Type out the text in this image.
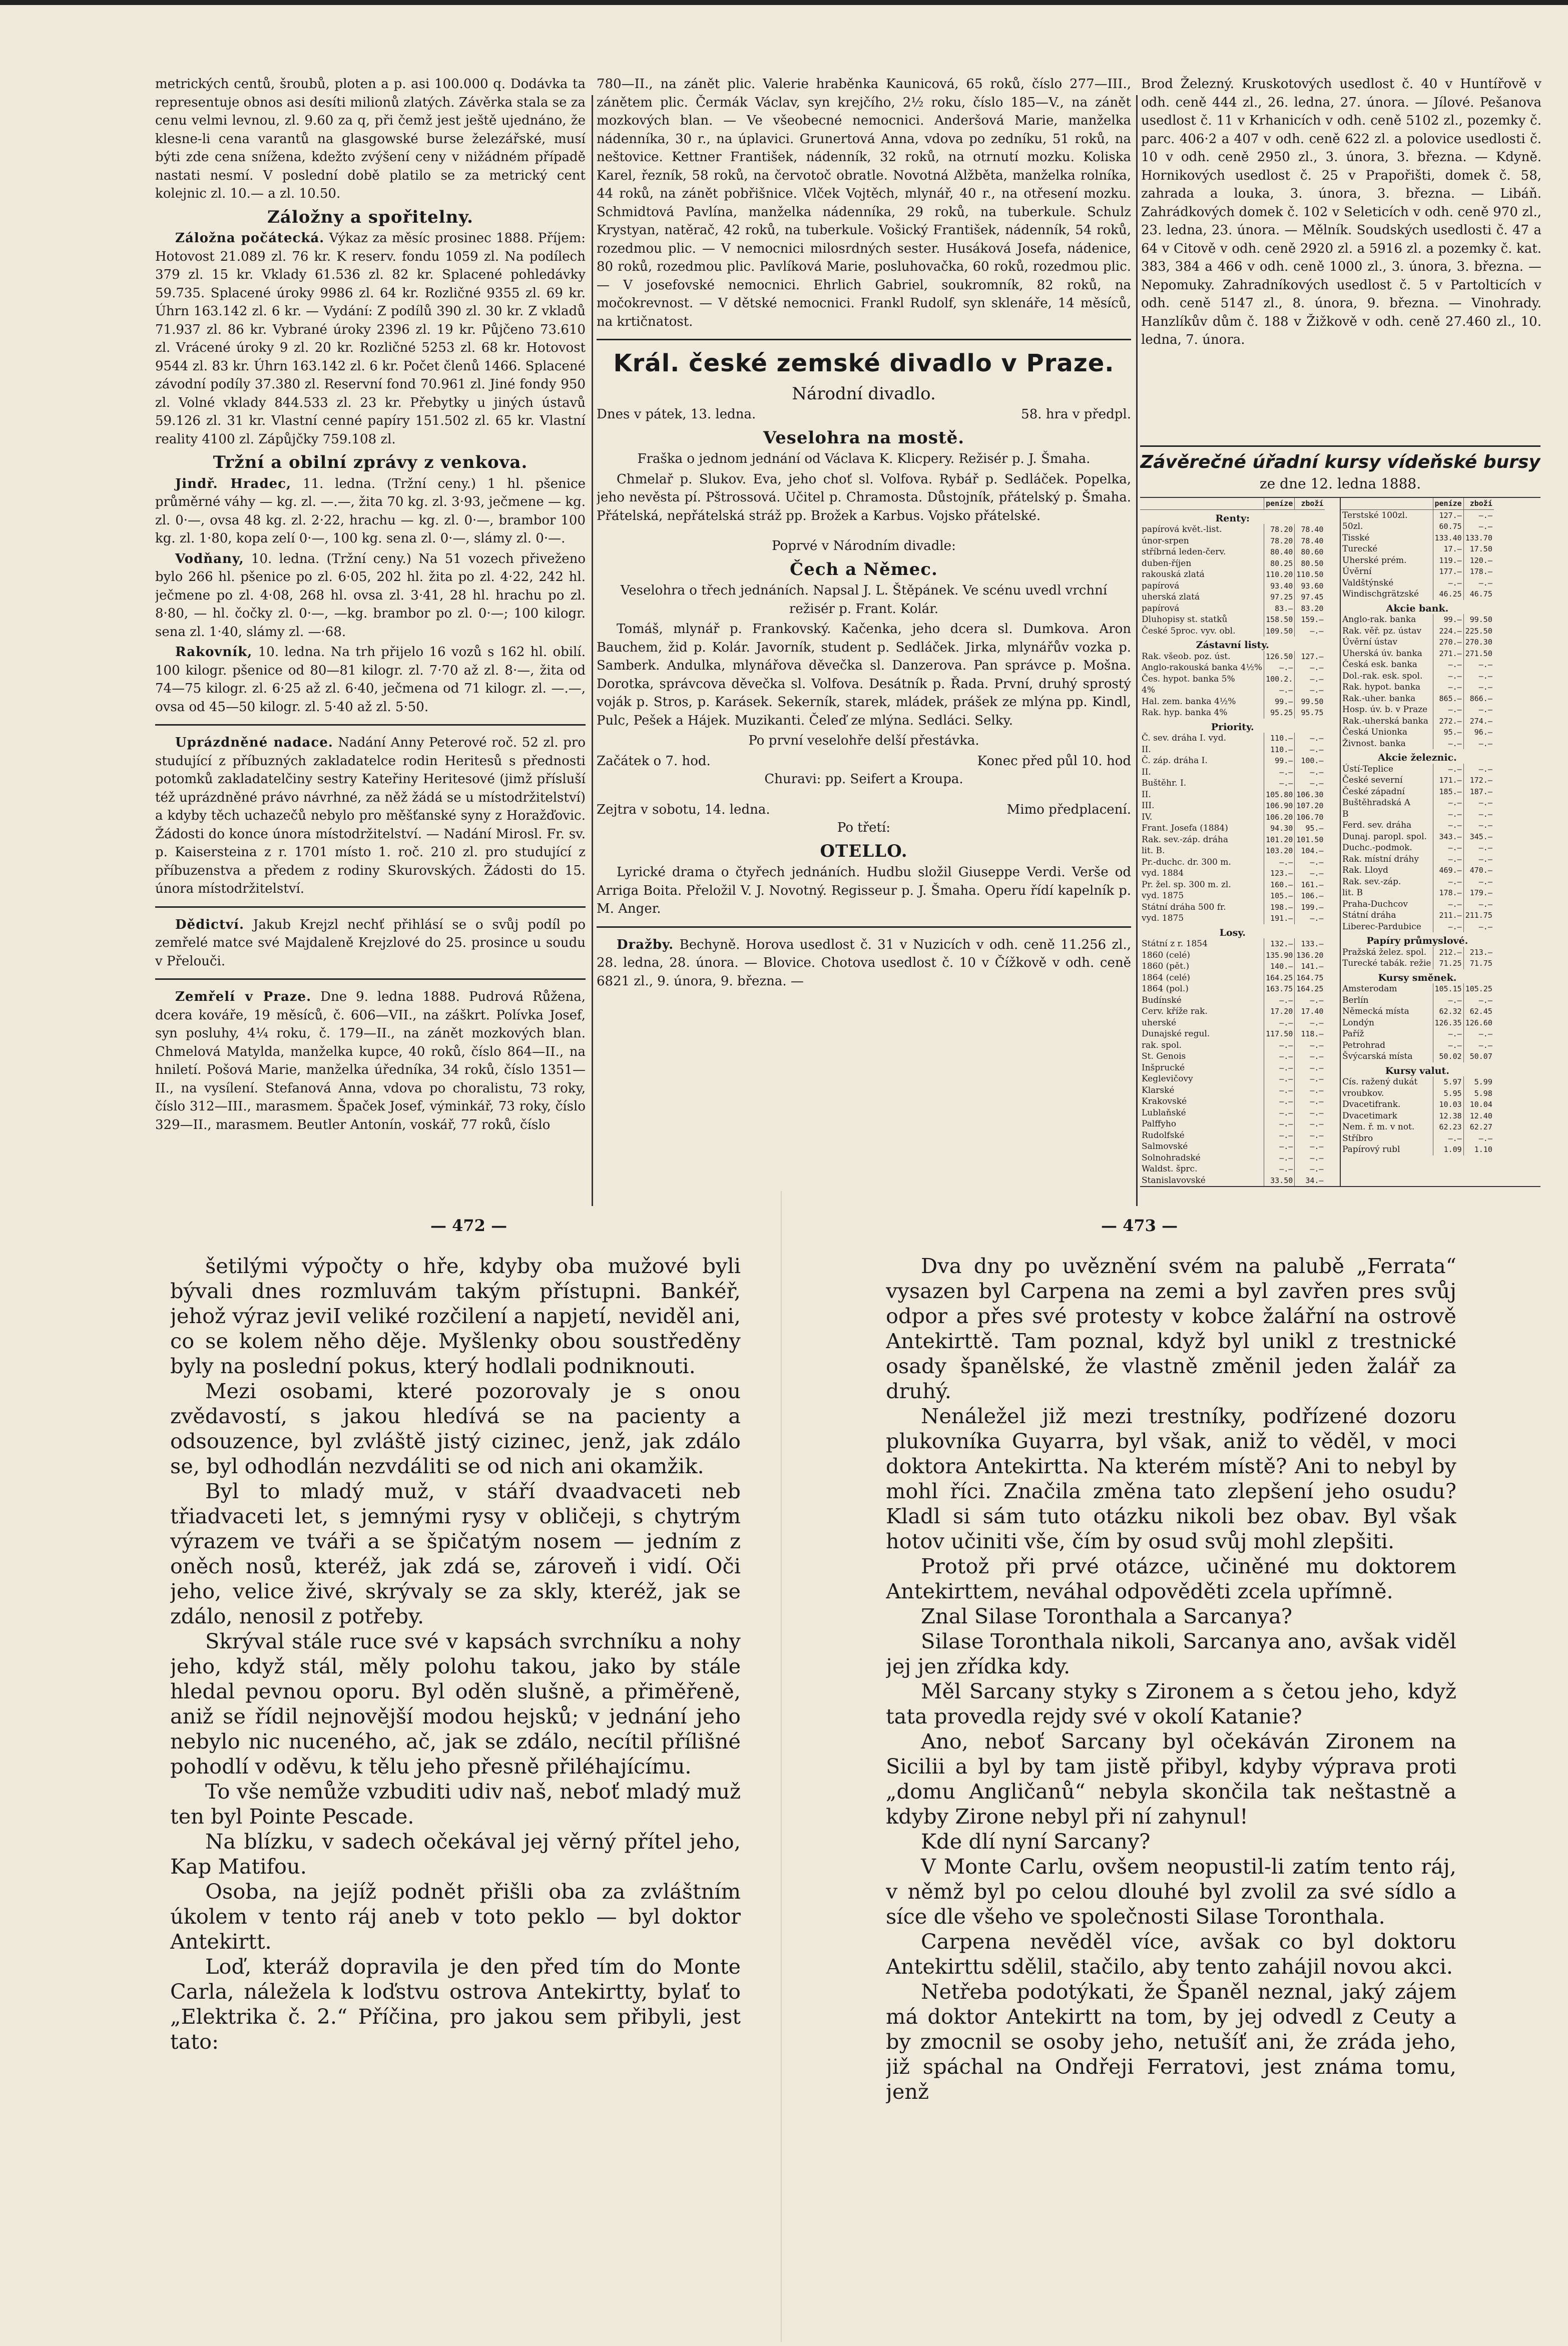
metrických centů, šroubů, ploten a p. asi 100.000 q. Dodávka ta representuje obnos asi desíti milionů zlatých. Závěrka stala se za cenu velmi levnou, zl. 9.60 za q, při čemž jest ještě ujednáno, že klesne-li cena varantů na glasgowské burse železářské, musí býti zde cena snížena, kdežto zvýšení ceny v nižádném případě nastati nesmí. V poslední době platilo se za metrický cent kolejnic zl. 10.— a zl. 10.50.

Záložny a spořitelny.

Záložna počátecká. Výkaz za měsíc prosinec 1888. Příjem: Hotovost 21.089 zl. 76 kr. K reserv. fondu 1059 zl. Na podílech 379 zl. 15 kr. Vklady 61.536 zl. 82 kr. Splacené pohledávky 59.735. Splacené úroky 9986 zl. 64 kr. Rozličné 9355 zl. 69 kr. Úhrn 163.142 zl. 6 kr. — Vydání: Z podílů 390 zl. 30 kr. Z vkladů 71.937 zl. 86 kr. Vybrané úroky 2396 zl. 19 kr. Půjčeno 73.610 zl. Vrácené úroky 9 zl. 20 kr. Rozličné 5253 zl. 68 kr. Hotovost 9544 zl. 83 kr. Úhrn 163.142 zl. 6 kr. Počet členů 1466. Splacené závodní podíly 37.380 zl. Reservní fond 70.961 zl. Jiné fondy 950 zl. Volné vklady 844.533 zl. 23 kr. Přebytky u jiných ústavů 59.126 zl. 31 kr. Vlastní cenné papíry 151.502 zl. 65 kr. Vlastní reality 4100 zl. Zápůjčky 759.108 zl.

Tržní a obilní zprávy z venkova.

Jindř. Hradec, 11. ledna. (Tržní ceny.) 1 hl. pšenice průměrné váhy — kg. zl. —.—, žita 70 kg. zl. 3·93, ječmene — kg. zl. 0·—, ovsa 48 kg. zl. 2·22, hrachu — kg. zl. 0·—, brambor 100 kg. zl. 1·80, kopa zelí 0·—, 100 kg. sena zl. 0·—, slámy zl. 0·—.

Vodňany, 10. ledna. (Tržní ceny.) Na 51 vozech přiveženo bylo 266 hl. pšenice po zl. 6·05, 202 hl. žita po zl. 4·22, 242 hl. ječmene po zl. 4·08, 268 hl. ovsa zl. 3·41, 28 hl. hrachu po zl. 8·80, — hl. čočky zl. 0·—, —kg. brambor po zl. 0·—; 100 kilogr. sena zl. 1·40, slámy zl. —·68.

Rakovník, 10. ledna. Na trh přijelo 16 vozů s 162 hl. obilí. 100 kilogr. pšenice od 80—81 kilogr. zl. 7·70 až zl. 8·—, žita od 74—75 kilogr. zl. 6·25 až zl. 6·40, ječmena od 71 kilogr. zl. —.—, ovsa od 45—50 kilogr. zl. 5·40 až zl. 5·50.

Uprázdněné nadace. Nadání Anny Peterové roč. 52 zl. pro studující z příbuzných zakladatelce rodin Heritesů s přednosti potomků zakladatelčiny sestry Kateřiny Heritesové (jimž přísluší též uprázdněné právo návrhné, za něž žádá se u místodržitelství) a kdyby těch uchazečů nebylo pro měšťanské syny z Horažďovic. Žádosti do konce února místodržitelství. — Nadání Mirosl. Fr. sv. p. Kaisersteina z r. 1701 místo 1. roč. 210 zl. pro studující z příbuzenstva a předem z rodiny Skurovských. Žádosti do 15. února místodržitelství.

Dědictví. Jakub Krejzl nechť přihlásí se o svůj podíl po zemřelé matce své Majdaleně Krejzlové do 25. prosince u soudu v Přelouči.

Zemřelí v Praze. Dne 9. ledna 1888. Pudrová Růžena, dcera kováře, 19 měsíců, č. 606—VII., na záškrt. Polívka Josef, syn posluhy, 4¼ roku, č. 179—II., na zánět mozkových blan. Chmelová Matylda, manželka kupce, 40 roků, číslo 864—II., na hniletí. Pošová Marie, manželka úředníka, 34 roků, číslo 1351—II., na vysílení. Stefanová Anna, vdova po choralistu, 73 roky, číslo 312—III., marasmem. Špaček Josef, výminkář, 73 roky, číslo 329—II., marasmem. Beutler Antonín, voskář, 77 roků, číslo

780—II., na zánět plic. Valerie hraběnka Kaunicová, 65 roků, číslo 277—III., zánětem plic. Čermák Václav, syn krejčího, 2½ roku, číslo 185—V., na zánět mozkových blan. — Ve všeobecné nemocnici. Anderšová Marie, manželka nádenníka, 30 r., na úplavici. Grunertová Anna, vdova po zedníku, 51 roků, na neštovice. Kettner František, nádenník, 32 roků, na otrnutí mozku. Koliska Karel, řezník, 58 roků, na červotoč obratle. Novotná Alžběta, manželka rolníka, 44 roků, na zánět pobřišnice. Vlček Vojtěch, mlynář, 40 r., na otřesení mozku. Schmidtová Pavlína, manželka nádenníka, 29 roků, na tuberkule. Schulz Krystyan, natěrač, 42 roků, na tuberkule. Vošický František, nádenník, 54 roků, rozedmou plic. — V nemocnici milosrdných sester. Husáková Josefa, nádenice, 80 roků, rozedmou plic. Pavlíková Marie, posluhovačka, 60 roků, rozedmou plic. — V josefovské nemocnici. Ehrlich Gabriel, soukromník, 82 roků, na močokrevnost. — V dětské nemocnici. Frankl Rudolf, syn sklenáře, 14 měsíců, na krtičnatost.

Král. české zemské divadlo v Praze.
Národní divadlo.
Dnes v pátek, 13. ledna.	58. hra v předpl.
Veselohra na mostě.

Fraška o jednom jednání od Václava K. Klicpery. Režisér p. J. Šmaha.

Chmelař p. Slukov. Eva, jeho choť sl. Volfova. Rybář p. Sedláček. Popelka, jeho nevěsta pí. Pštrossová. Učitel p. Chramosta. Důstojník, přátelský p. Šmaha. Přátelská, nepřátelská stráž pp. Brožek a Karbus. Vojsko přátelské.

Poprvé v Národním divadle:

Čech a Němec.

Veselohra o třech jednáních. Napsal J. L. Štěpánek. Ve scénu uvedl vrchní režisér p. Frant. Kolár.

Tomáš, mlynář p. Frankovský. Kačenka, jeho dcera sl. Dumkova. Aron Bauchem, žid p. Kolár. Javorník, student p. Sedláček. Jirka, mlynářův vozka p. Samberk. Andulka, mlynářova děvečka sl. Danzerova. Pan správce p. Mošna. Dorotka, správcova děvečka sl. Volfova. Desátník p. Řada. První, druhý sprostý voják p. Stros, p. Karásek. Sekerník, starek, mládek, prášek ze mlýna pp. Kindl, Pulc, Pešek a Hájek. Muzikanti. Čeleď ze mlýna. Sedláci. Selky.

Po první veselohře delší přestávka.

Začátek o 7. hod.	Konec před půl 10. hod

Churavi: pp. Seifert a Kroupa.

Zejtra v sobotu, 14. ledna.	Mimo předplacení.

Po třetí:

OTELLO.

Lyrické drama o čtyřech jednáních. Hudbu složil Giuseppe Verdi. Verše od Arriga Boita. Přeložil V. J. Novotný. Regisseur p. J. Šmaha. Operu řídí kapelník p. M. Anger.

Dražby. Bechyně. Horova usedlost č. 31 v Nuzicích v odh. ceně 11.256 zl., 28. ledna, 28. února. — Blovice. Chotova usedlost č. 10 v Čížkově v odh. ceně 6821 zl., 9. února, 9. března. —

Brod Železný. Kruskotových usedlost č. 40 v Huntířově v odh. ceně 444 zl., 26. ledna, 27. února. — Jílové. Pešanova usedlost č. 11 v Krhanicích v odh. ceně 5102 zl., pozemky č. parc. 406·2 a 407 v odh. ceně 622 zl. a polovice usedlosti č. 10 v odh. ceně 2950 zl., 3. února, 3. března. — Kdyně. Hornikových usedlost č. 25 v Prapořišti, domek č. 58, zahrada a louka, 3. února, 3. března. — Libáň. Zahrádkových domek č. 102 v Seleticích v odh. ceně 970 zl., 23. ledna, 23. února. — Mělník. Soudských usedlosti č. 47 a 64 v Citově v odh. ceně 2920 zl. a 5916 zl. a pozemky č. kat. 383, 384 a 466 v odh. ceně 1000 zl., 3. února, 3. března. — Nepomuky. Zahradníkových usedlost č. 5 v Partolticích v odh. ceně 5147 zl., 8. února, 9. března. — Vinohrady. Hanzlíkův dům č. 188 v Žižkově v odh. ceně 27.460 zl., 10. ledna, 7. února.

Závěrečné úřadní kursy vídeňské bursy
ze dne 12. ledna 1888.
	peníze	zboží
Renty:		
papírová květ.-list.	78.20	78.40
únor-srpen	78.20	78.40
stříbrná leden-červ.	80.40	80.60
duben-říjen	80.25	80.50
rakouská zlatá	110.20	110.50
papírová	93.40	93.60
uherská zlatá	97.25	97.45
papírová	83.—	83.20
Dluhopisy st. statků	158.50	159.—
České 5proc. vyv. obl.	109.50	—.—
Zástavní listy.		
Rak. všeob. poz. úst.	126.50	127.—
Anglo-rakouská banka 4½%	—.—	—.—
Čes. hypot. banka 5%	100.2.	—.—
4%	—.—	—.—
Hal. zem. banka 4½%	99.—	99.50
Rak. hyp. banka 4%	95.25	95.75
Priority.		
Č. sev. dráha I. vyd.	110.—	—.—
II.	110.—	—.—
Č. záp. dráha I.	99.—	100.—
II.	—.—	—.—
Buštěhr. I.	—.—	—.—
II.	105.80	106.30
III.	106.90	107.20
IV.	106.20	106.70
Frant. Josefa (1884)	94.30	95.—
Rak. sev.-záp. dráha	101.20	101.50
lit. B.	103.20	104.—
Pr.-duchc. dr. 300 m.	—.—	—.—
vyd. 1884	123.—	—.—
Pr. žel. sp. 300 m. zl.	160.—	161.—
vyd. 1875	105.—	106.—
Státní dráha 500 fr.	198.—	199.—
vyd. 1875	191.—	—.—
Losy.		
Státní z r. 1854	132.—	133.—
1860 (celé)	135.90	136.20
1860 (pět.)	140.—	141.—
1864 (celé)	164.25	164.75
1864 (pol.)	163.75	164.25
Budínské	—.—	—.—
Cerv. kříže rak.	17.20	17.40
uherské	—.—	—.—
Dunajské regul.	117.50	118.—
rak. spol.	—.—	—.—
St. Genois	—.—	—.—
Inšprucké	—.—	—.—
Keglevičovy	—.—	—.—
Klarské	—.—	—.—
Krakovské	—.—	—.—
Lublaňské	—.—	—.—
Palffyho	—.—	—.—
Rudolfské	—.—	—.—
Salmovské	—.—	—.—
Solnohradské	—.—	—.—
Waldst. šprc.	—.—	—.—
Stanislavovské	33.50	34.—
	peníze	zboží
Terstské 100zl.	127.—	—.—
50zl.	60.75	—.—
Tisské	133.40	133.70
Turecké	17.—	17.50
Uherské prém.	119.—	120.—
Úvěrní	177.—	178.—
Valdštýnské	—.—	—.—
Windischgrätzské	46.25	46.75
Akcie bank.		
Anglo-rak. banka	99.—	99.50
Rak. věř. pz. ústav	224.—	225.50
Úvěrní ústav	270.—	270.30
Uherská úv. banka	271.—	271.50
Česká esk. banka	—.—	—.—
Dol.-rak. esk. spol.	—.—	—.—
Rak. hypot. banka	—.—	—.—
Rak.-uher. banka	865.—	866.—
Hosp. úv. b. v Praze	—.—	—.—
Rak.-uherská banka	272.—	274.—
Česká Unionka	95.—	96.—
Živnost. banka	—.—	—.—
Akcie železnic.		
Ústí-Teplice	—.—	—.—
České severní	171.—	172.—
České západní	185.—	187.—
Buštěhradská A	—.—	—.—
B	—.—	—.—
Ferd. sev. dráha	—.—	—.—
Dunaj. paropl. spol.	343.—	345.—
Duchc.-podmok.	—.—	—.—
Rak. místní dráhy	—.—	—.—
Rak. Lloyd	469.—	470.—
Rak. sev.-záp.	—.—	—.—
lit. B	178.—	179.—
Praha-Duchcov	—.—	—.—
Státní dráha	211.—	211.75
Liberec-Pardubice	—.—	—.—
Papíry průmyslové.		
Pražská želez. spol.	212.—	213.—
Turecké tabák. režie	71.25	71.75
Kursy směnek.		
Amsterodam	105.15	105.25
Berlín	—.—	—.—
Německá místa	62.32	62.45
Londýn	126.35	126.60
Paříž	—.—	—.—
Petrohrad	—.—	—.—
Švýcarská místa	50.02	50.07
Kursy valut.		
Cís. ražený dukát	5.97	5.99
vroubkov.	5.95	5.98
Dvacetifrank.	10.03	10.04
Dvacetimark	12.38	12.40
Nem. ř. m. v not.	62.23	62.27
Stříbro	—.—	—.—
Papírový rubl	1.09	1.10
— 472 —	— 473 —

šetilými výpočty o hře, kdyby oba mužové byli bývali dnes rozmluvám takým přístupni. Bankéř, jehož výraz jeviI veliké rozčilení a napjetí, neviděl ani, co se kolem něho děje. Myšlenky obou soustředěny byly na poslední pokus, který hodlali podniknouti.

Mezi osobami, které pozorovaly je s onou zvědavostí, s jakou hledívá se na pacienty a odsouzence, byl zvláště jistý cizinec, jenž, jak zdálo se, byl odhodlán nezvdáliti se od nich ani okamžik.

Byl to mladý muž, v stáří dvaadvaceti neb třiadvaceti let, s jemnými rysy v obličeji, s chytrým výrazem ve tváři a se špičatým nosem — jedním z oněch nosů, kteréž, jak zdá se, zároveň i vidí. Oči jeho, velice živé, skrývaly se za skly, kteréž, jak se zdálo, nenosil z potřeby.

Skrýval stále ruce své v kapsách svrchníku a nohy jeho, když stál, měly polohu takou, jako by stále hledal pevnou oporu. Byl oděn slušně, a přiměřeně, aniž se řídil nejnovější modou hejsků; v jednání jeho nebylo nic nuceného, ač, jak se zdálo, necítil přílišné pohodlí v oděvu, k tělu jeho přesně přiléhajícímu.

To vše nemůže vzbuditi udiv naš, neboť mladý muž ten byl Pointe Pescade.

Na blízku, v sadech očekával jej věrný přítel jeho, Kap Matifou.

Osoba, na jejíž podnět přišli oba za zvláštním úkolem v tento ráj aneb v toto peklo — byl doktor Antekirtt.

Loď, kteráž dopravila je den před tím do Monte Carla, náležela k loďstvu ostrova Antekirtty, bylať to „Elektrika č. 2.“ Příčina, pro jakou sem přibyli, jest tato:

Dva dny po uvěznění svém na palubě „Ferrata“ vysazen byl Carpena na zemi a byl zavřen pres svůj odpor a přes své protesty v kobce žalářní na ostrově Antekirttě. Tam poznal, když byl unikl z trestnické osady španělské, že vlastně změnil jeden žalář za druhý.

Nenáležel již mezi trestníky, podřízené dozoru plukovníka Guyarra, byl však, aniž to věděl, v moci doktora Antekirtta. Na kterém místě? Ani to nebyl by mohl říci. Značila změna tato zlepšení jeho osudu? Kladl si sám tuto otázku nikoli bez obav. Byl však hotov učiniti vše, čím by osud svůj mohl zlepšiti.

Protož při prvé otázce, učiněné mu doktorem Antekirttem, neváhal odpověděti zcela upřímně.

Znal Silase Toronthala a Sarcanya?

Silase Toronthala nikoli, Sarcanya ano, avšak viděl jej jen zřídka kdy.

Měl Sarcany styky s Zironem a s četou jeho, když tata provedla rejdy své v okolí Katanie?

Ano, neboť Sarcany byl očekáván Zironem na Sicilii a byl by tam jistě přibyl, kdyby výprava proti „domu Angličanů“ nebyla skončila tak neštastně a kdyby Zirone nebyl při ní zahynul!

Kde dlí nyní Sarcany?

V Monte Carlu, ovšem neopustil-li zatím tento ráj, v němž byl po celou dlouhé byl zvolil za své sídlo a síce dle všeho ve společnosti Silase Toronthala.

Carpena nevěděl více, avšak co byl doktoru Antekirttu sdělil, stačilo, aby tento zahájil novou akci.

Netřeba podotýkati, že Španěl neznal, jaký zájem má doktor Antekirtt na tom, by jej odvedl z Ceuty a by zmocnil se osoby jeho, netušíť ani, že zráda jeho, již spáchal na Ondřeji Ferratovi, jest známa tomu, jenž
